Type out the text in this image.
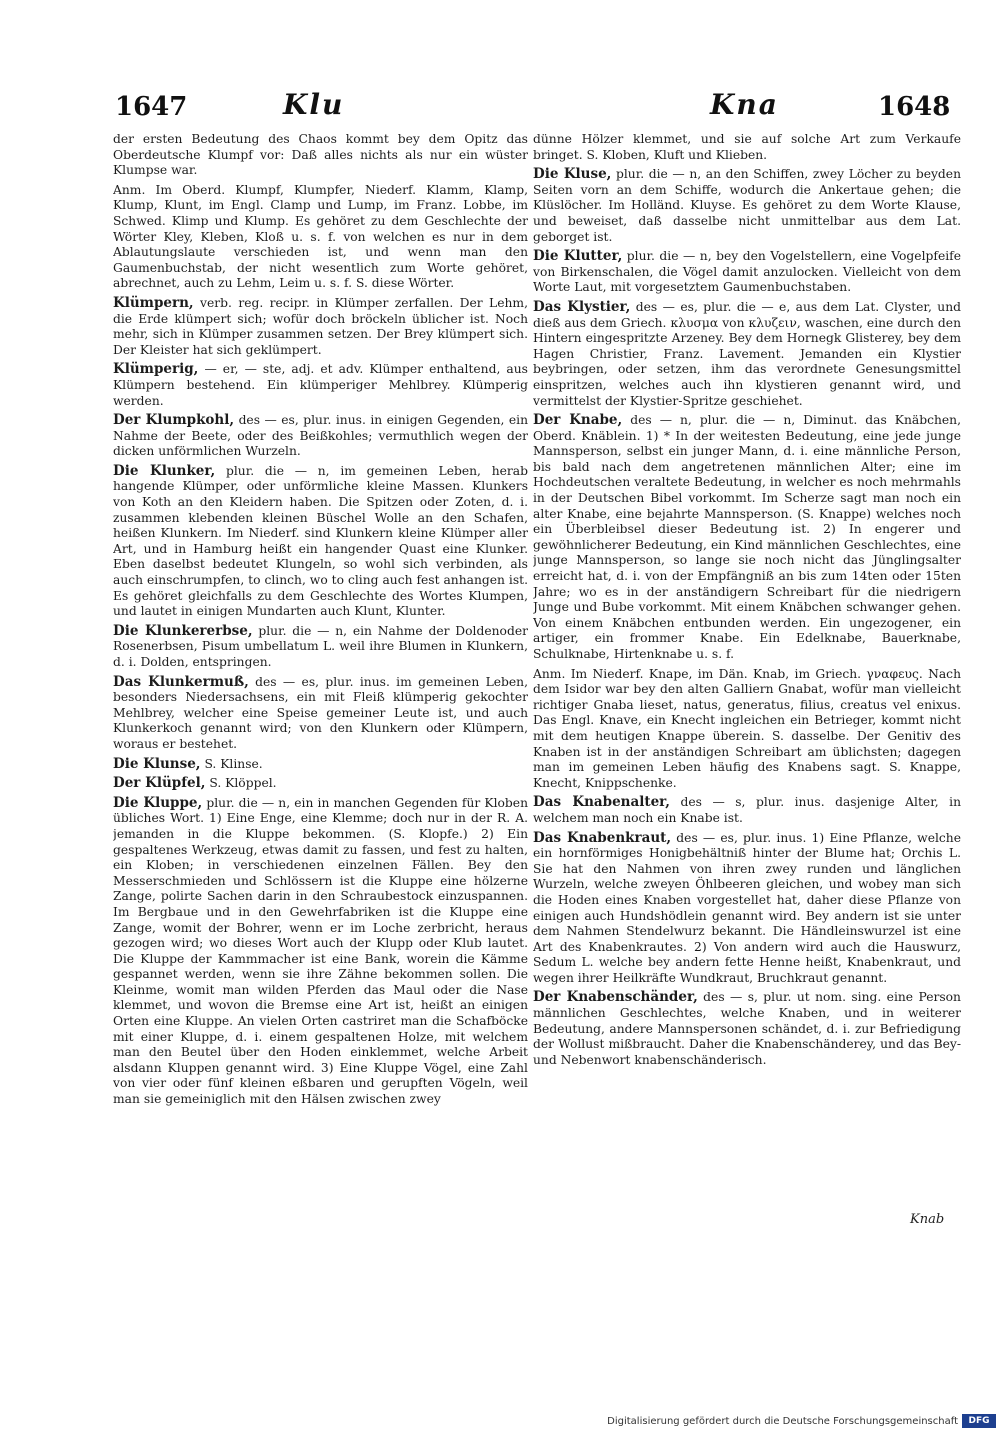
1647	Klu	Kna	1648

der ersten Bedeutung des Chaos kommt bey dem Opitz das Oberdeutsche Klumpf vor: Daß alles nichts als nur ein wüster Klumpse war.

Anm. Im Oberd. Klumpf, Klumpfer, Niederf. Klamm, Klamp, Klump, Klunt, im Engl. Clamp und Lump, im Franz. Lobbe, im Schwed. Klimp und Klump. Es gehöret zu dem Geschlechte der Wörter Kley, Kleben, Kloß u. s. f. von welchen es nur in dem Ablautungslaute verschieden ist, und wenn man den Gaumenbuchstab, der nicht wesentlich zum Worte gehöret, abrechnet, auch zu Lehm, Leim u. s. f. S. diese Wörter.

Klümpern, verb. reg. recipr. in Klümper zerfallen. Der Lehm, die Erde klümpert sich; wofür doch bröckeln üblicher ist. Noch mehr, sich in Klümper zusammen setzen. Der Brey klümpert sich. Der Kleister hat sich geklümpert.

Klümperig, — er, — ste, adj. et adv. Klümper enthaltend, aus Klümpern bestehend. Ein klümperiger Mehlbrey. Klümperig werden.

Der Klumpkohl, des — es, plur. inus. in einigen Gegenden, ein Nahme der Beete, oder des Beißkohles; vermuthlich wegen der dicken unförmlichen Wurzeln.

Die Klunker, plur. die — n, im gemeinen Leben, herab hangende Klümper, oder unförmliche kleine Massen. Klunkers von Koth an den Kleidern haben. Die Spitzen oder Zoten, d. i. zusammen klebenden kleinen Büschel Wolle an den Schafen, heißen Klunkern. Im Niederf. sind Klunkern kleine Klümper aller Art, und in Hamburg heißt ein hangender Quast eine Klunker. Eben daselbst bedeutet Klungeln, so wohl sich verbinden, als auch einschrumpfen, to clinch, wo to cling auch fest anhangen ist. Es gehöret gleichfalls zu dem Geschlechte des Wortes Klumpen, und lautet in einigen Mundarten auch Klunt, Klunter.

Die Klunkererbse, plur. die — n, ein Nahme der Doldenoder Rosenerbsen, Pisum umbellatum L. weil ihre Blumen in Klunkern, d. i. Dolden, entspringen.

Das Klunkermuß, des — es, plur. inus. im gemeinen Leben, besonders Niedersachsens, ein mit Fleiß klümperig gekochter Mehlbrey, welcher eine Speise gemeiner Leute ist, und auch Klunkerkoch genannt wird; von den Klunkern oder Klümpern, woraus er bestehet.

Die Klunse, S. Klinse.

Der Klüpfel, S. Klöppel.

Die Kluppe, plur. die — n, ein in manchen Gegenden für Kloben übliches Wort. 1) Eine Enge, eine Klemme; doch nur in der R. A. jemanden in die Kluppe bekommen. (S. Klopfe.) 2) Ein gespaltenes Werkzeug, etwas damit zu fassen, und fest zu halten, ein Kloben; in verschiedenen einzelnen Fällen. Bey den Messerschmieden und Schlössern ist die Kluppe eine hölzerne Zange, polirte Sachen darin in den Schraubestock einzuspannen. Im Bergbaue und in den Gewehrfabriken ist die Kluppe eine Zange, womit der Bohrer, wenn er im Loche zerbricht, heraus gezogen wird; wo dieses Wort auch der Klupp oder Klub lautet. Die Kluppe der Kammmacher ist eine Bank, worein die Kämme gespannet werden, wenn sie ihre Zähne bekommen sollen. Die Kleinme, womit man wilden Pferden das Maul oder die Nase klemmet, und wovon die Bremse eine Art ist, heißt an einigen Orten eine Kluppe. An vielen Orten castriret man die Schafböcke mit einer Kluppe, d. i. einem gespaltenen Holze, mit welchem man den Beutel über den Hoden einklemmet, welche Arbeit alsdann Kluppen genannt wird. 3) Eine Kluppe Vögel, eine Zahl von vier oder fünf kleinen eßbaren und gerupften Vögeln, weil man sie gemeiniglich mit den Hälsen zwischen zwey

dünne Hölzer klemmet, und sie auf solche Art zum Verkaufe bringet. S. Kloben, Kluft und Klieben.

Die Kluse, plur. die — n, an den Schiffen, zwey Löcher zu beyden Seiten vorn an dem Schiffe, wodurch die Ankertaue gehen; die Klüslöcher. Im Holländ. Kluyse. Es gehöret zu dem Worte Klause, und beweiset, daß dasselbe nicht unmittelbar aus dem Lat. geborget ist.

Die Klutter, plur. die — n, bey den Vogelstellern, eine Vogelpfeife von Birkenschalen, die Vögel damit anzulocken. Vielleicht von dem Worte Laut, mit vorgesetztem Gaumenbuchstaben.

Das Klystier, des — es, plur. die — e, aus dem Lat. Clyster, und dieß aus dem Griech. κλυσμα von κλυζειν, waschen, eine durch den Hintern eingespritzte Arzeney. Bey dem Hornegk Glisterey, bey dem Hagen Christier, Franz. Lavement. Jemanden ein Klystier beybringen, oder setzen, ihm das verordnete Genesungsmittel einspritzen, welches auch ihn klystieren genannt wird, und vermittelst der Klystier-Spritze geschiehet.

Der Knabe, des — n, plur. die — n, Diminut. das Knäbchen, Oberd. Knäblein. 1) * In der weitesten Bedeutung, eine jede junge Mannsperson, selbst ein junger Mann, d. i. eine männliche Person, bis bald nach dem angetretenen männlichen Alter; eine im Hochdeutschen veraltete Bedeutung, in welcher es noch mehrmahls in der Deutschen Bibel vorkommt. Im Scherze sagt man noch ein alter Knabe, eine bejahrte Mannsperson. (S. Knappe) welches noch ein Überbleibsel dieser Bedeutung ist. 2) In engerer und gewöhnlicherer Bedeutung, ein Kind männlichen Geschlechtes, eine junge Mannsperson, so lange sie noch nicht das Jünglingsalter erreicht hat, d. i. von der Empfängniß an bis zum 14ten oder 15ten Jahre; wo es in der anständigern Schreibart für die niedrigern Junge und Bube vorkommt. Mit einem Knäbchen schwanger gehen. Von einem Knäbchen entbunden werden. Ein ungezogener, ein artiger, ein frommer Knabe. Ein Edelknabe, Bauerknabe, Schulknabe, Hirtenknabe u. s. f.

Anm. Im Niederf. Knape, im Dän. Knab, im Griech. γναφευς. Nach dem Isidor war bey den alten Galliern Gnabat, wofür man vielleicht richtiger Gnaba lieset, natus, generatus, filius, creatus vel enixus. Das Engl. Knave, ein Knecht ingleichen ein Betrieger, kommt nicht mit dem heutigen Knappe überein. S. dasselbe. Der Genitiv des Knaben ist in der anständigen Schreibart am üblichsten; dagegen man im gemeinen Leben häufig des Knabens sagt. S. Knappe, Knecht, Knippschenke.

Das Knabenalter, des — s, plur. inus. dasjenige Alter, in welchem man noch ein Knabe ist.

Das Knabenkraut, des — es, plur. inus. 1) Eine Pflanze, welche ein hornförmiges Honigbehältniß hinter der Blume hat; Orchis L. Sie hat den Nahmen von ihren zwey runden und länglichen Wurzeln, welche zweyen Öhlbeeren gleichen, und wobey man sich die Hoden eines Knaben vorgestellet hat, daher diese Pflanze von einigen auch Hundshödlein genannt wird. Bey andern ist sie unter dem Nahmen Stendelwurz bekannt. Die Händleinswurzel ist eine Art des Knabenkrautes. 2) Von andern wird auch die Hauswurz, Sedum L. welche bey andern fette Henne heißt, Knabenkraut, und wegen ihrer Heilkräfte Wundkraut, Bruchkraut genannt.

Der Knabenschänder, des — s, plur. ut nom. sing. eine Person männlichen Geschlechtes, welche Knaben, und in weiterer Bedeutung, andere Mannspersonen schändet, d. i. zur Befriedigung der Wollust mißbraucht. Daher die Knabenschänderey, und das Bey- und Nebenwort knabenschänderisch.

Knab
Digitalisierung gefördert durch die Deutsche Forschungsgemeinschaft	DFG
